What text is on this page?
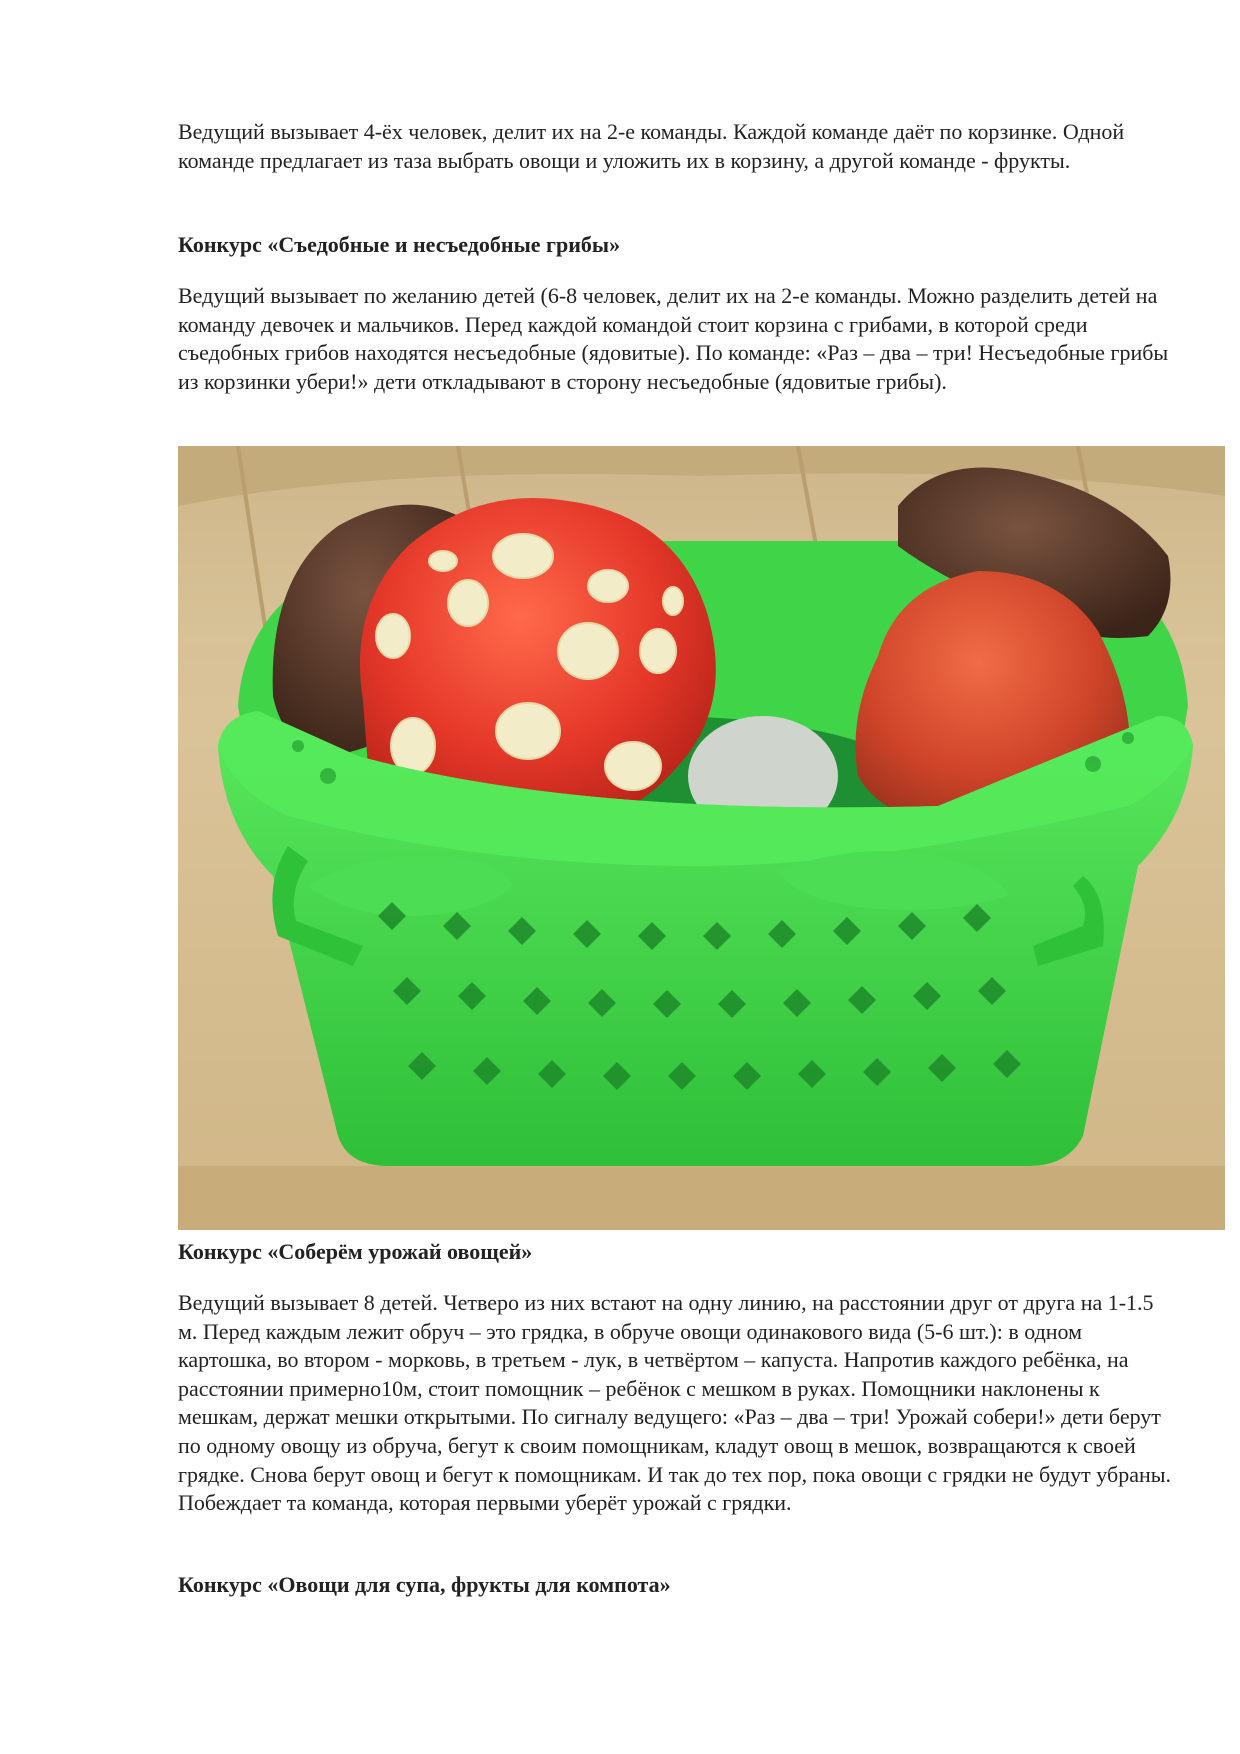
Ведущий вызывает 4-ёх человек, делит их на 2-е команды. Каждой команде даёт по корзинке. Одной команде предлагает из таза выбрать овощи и уложить их в корзину, а другой команде - фрукты.

Конкурс «Съедобные и несъедобные грибы»

Ведущий вызывает по желанию детей (6-8 человек, делит их на 2-е команды. Можно разделить детей на команду девочек и мальчиков. Перед каждой командой стоит корзина с грибами, в которой среди съедобных грибов находятся несъедобные (ядовитые). По команде: «Раз – два – три! Несъедобные грибы из корзинки убери!» дети откладывают в сторону несъедобные (ядовитые грибы).

Конкурс «Соберём урожай овощей»

Ведущий вызывает 8 детей. Четверо из них встают на одну линию, на расстоянии друг от друга на 1-1.5 м. Перед каждым лежит обруч – это грядка, в обруче овощи одинакового вида (5-6 шт.): в одном картошка, во втором - морковь, в третьем - лук, в четвёртом – капуста. Напротив каждого ребёнка, на расстоянии примерно10м, стоит помощник – ребёнок с мешком в руках. Помощники наклонены к мешкам, держат мешки открытыми. По сигналу ведущего: «Раз – два – три! Урожай собери!» дети берут по одному овощу из обруча, бегут к своим помощникам, кладут овощ в мешок, возвращаются к своей грядке. Снова берут овощ и бегут к помощникам. И так до тех пор, пока овощи с грядки не будут убраны. Побеждает та команда, которая первыми уберёт урожай с грядки.

Конкурс «Овощи для супа, фрукты для компота»
